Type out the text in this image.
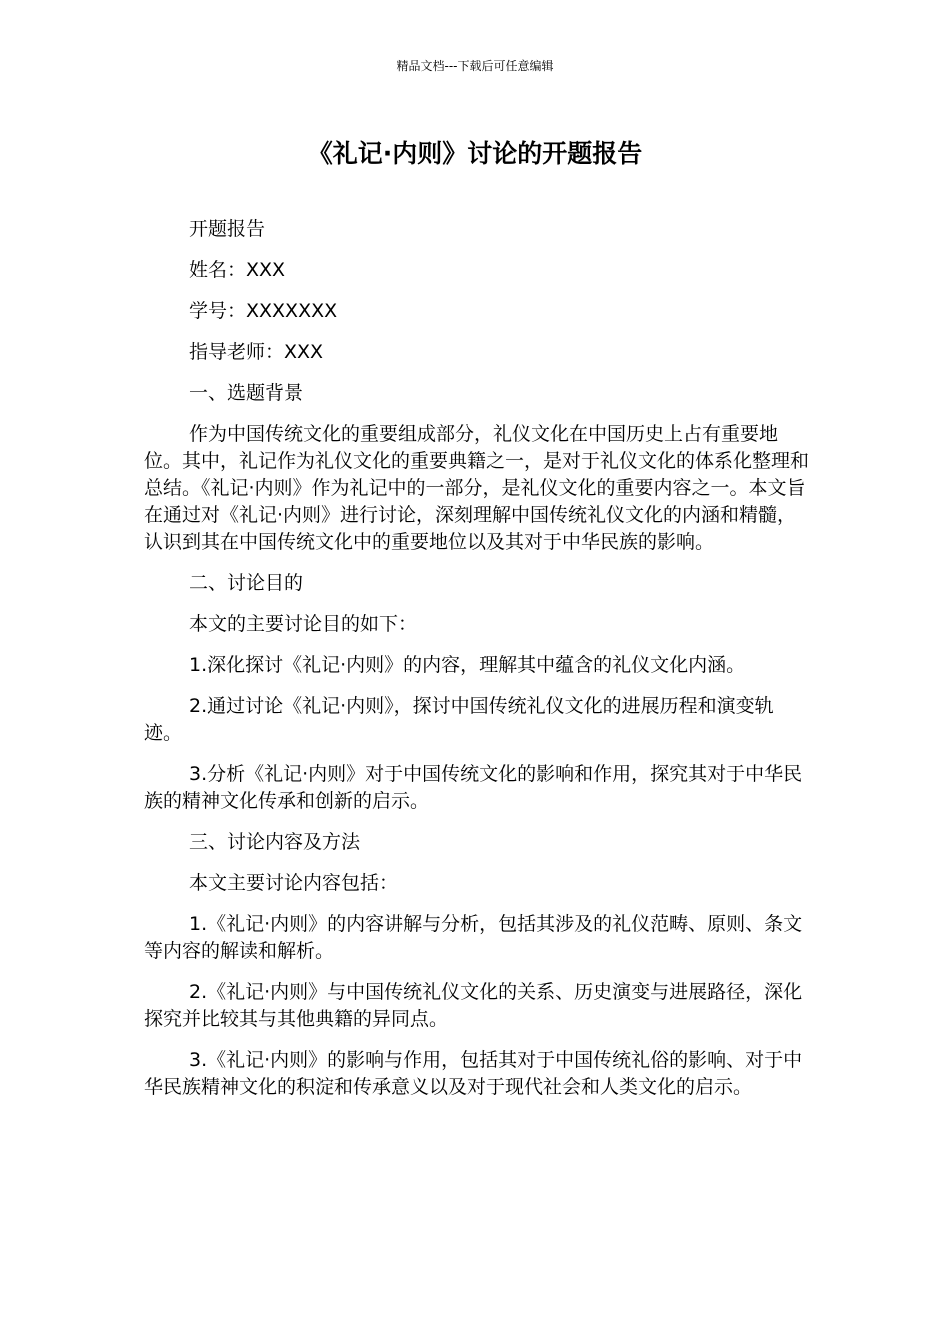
精品文档---下载后可任意编辑
《礼记·内则》讨论的开题报告

开题报告

姓名：XXX

学号：XXXXXXX

指导老师：XXX

一、选题背景

作为中国传统文化的重要组成部分，礼仪文化在中国历史上占有重要地位。其中，礼记作为礼仪文化的重要典籍之一，是对于礼仪文化的体系化整理和总结。《礼记·内则》作为礼记中的一部分，是礼仪文化的重要内容之一。本文旨在通过对《礼记·内则》进行讨论，深刻理解中国传统礼仪文化的内涵和精髓，认识到其在中国传统文化中的重要地位以及其对于中华民族的影响。

二、讨论目的

本文的主要讨论目的如下：

1.深化探讨《礼记·内则》的内容，理解其中蕴含的礼仪文化内涵。

2.通过讨论《礼记·内则》，探讨中国传统礼仪文化的进展历程和演变轨迹。

3.分析《礼记·内则》对于中国传统文化的影响和作用，探究其对于中华民族的精神文化传承和创新的启示。

三、讨论内容及方法

本文主要讨论内容包括：

1.《礼记·内则》的内容讲解与分析，包括其涉及的礼仪范畴、原则、条文等内容的解读和解析。

2.《礼记·内则》与中国传统礼仪文化的关系、历史演变与进展路径，深化探究并比较其与其他典籍的异同点。

3.《礼记·内则》的影响与作用，包括其对于中国传统礼俗的影响、对于中华民族精神文化的积淀和传承意义以及对于现代社会和人类文化的启示。
